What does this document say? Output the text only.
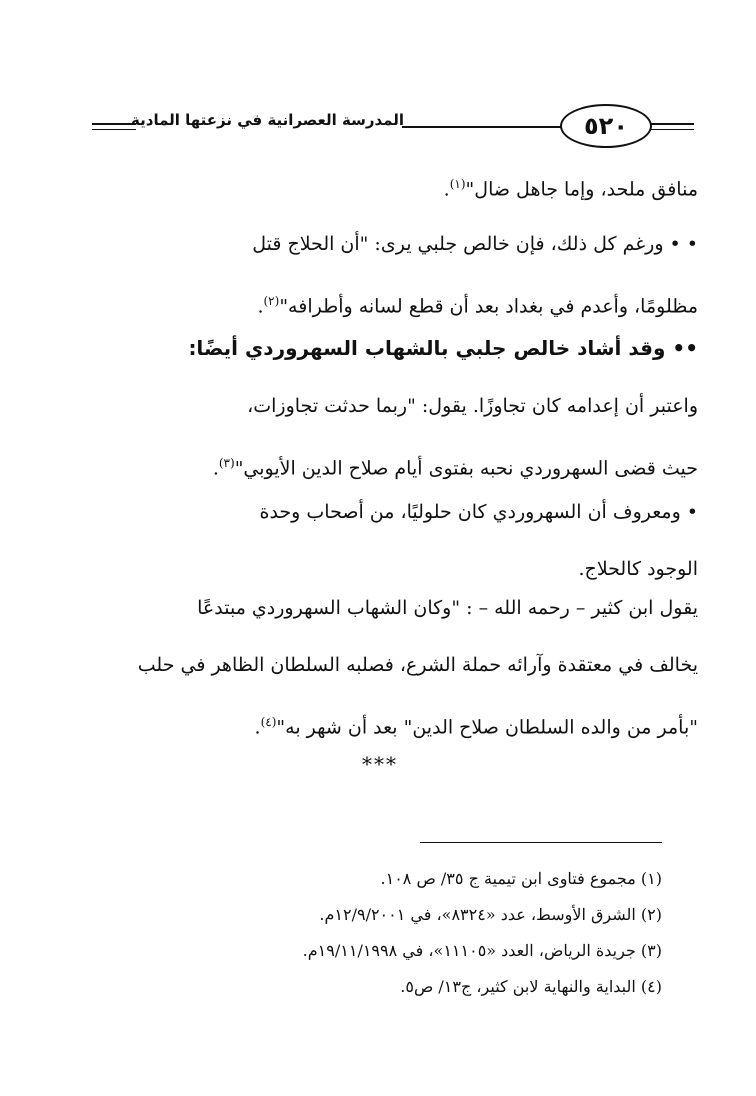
٥٢٠
المدرسة العصرانية في نزعتها المادية
منافق ملحد، وإما جاهل ضال"$^{(١)}$.
• • ورغم كل ذلك، فإن خالص جلبي يرى: "أن الحلاج قتل
مظلومًا، وأعدم في بغداد بعد أن قطع لسانه وأطرافه"$^{(٢)}$.
•• وقد أشاد خالص جلبي بالشهاب السهروردي أيضًا:
واعتبر أن إعدامه كان تجاوزًا. يقول: "ربما حدثت تجاوزات،
حيث قضى السهروردي نحبه بفتوى أيام صلاح الدين الأيوبي"$^{(٣)}$.
• ومعروف أن السهروردي كان حلوليًا، من أصحاب وحدة
الوجود كالحلاج.
يقول ابن كثير – رحمه الله – : "وكان الشهاب السهروردي مبتدعًا
يخالف في معتقدة وآرائه حملة الشرع، فصلبه السلطان الظاهر في حلب
"بأمر من والده السلطان صلاح الدين" بعد أن شهر به"$^{(٤)}$.
***
(١) مجموع فتاوى ابن تيمية ج ٣٥/ ص ١٠٨.
(٢) الشرق الأوسط، عدد «٨٣٢٤»، في ١٢/٩/٢٠٠١م.
(٣) جريدة الرياض، العدد «١١١٠٥»، في ١٩/١١/١٩٩٨م.
(٤) البداية والنهاية لابن كثير، ج١٣/ ص٥.
